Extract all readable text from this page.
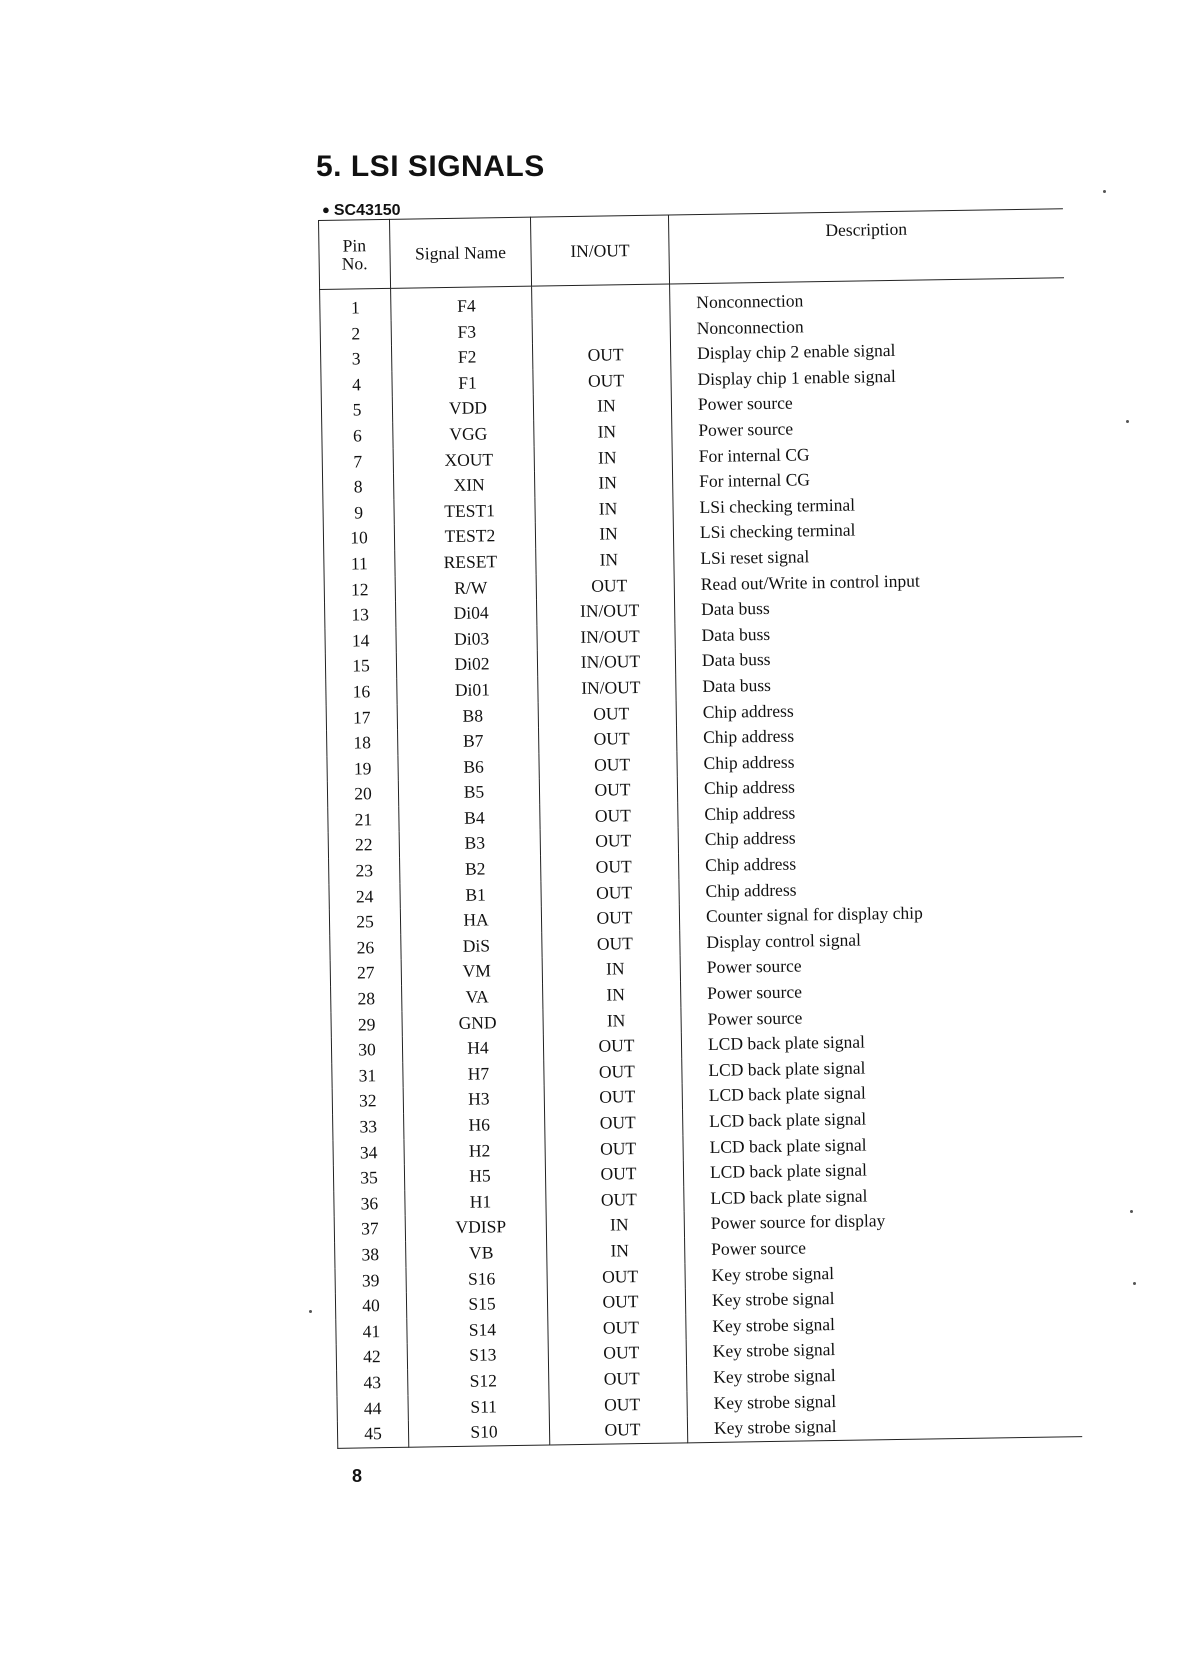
5. LSI SIGNALS
● SC43150
Pin
No.	Signal Name	IN/OUT	Description
1	F4		Nonconnection
2	F3		Nonconnection
3	F2	OUT	Display chip 2 enable signal
4	F1	OUT	Display chip 1 enable signal
5	VDD	IN	Power source
6	VGG	IN	Power source
7	XOUT	IN	For internal CG
8	XIN	IN	For internal CG
9	TEST1	IN	LSi checking terminal
10	TEST2	IN	LSi checking terminal
11	RESET	IN	LSi reset signal
12	R/W	OUT	Read out/Write in control input
13	Di04	IN/OUT	Data buss
14	Di03	IN/OUT	Data buss
15	Di02	IN/OUT	Data buss
16	Di01	IN/OUT	Data buss
17	B8	OUT	Chip address
18	B7	OUT	Chip address
19	B6	OUT	Chip address
20	B5	OUT	Chip address
21	B4	OUT	Chip address
22	B3	OUT	Chip address
23	B2	OUT	Chip address
24	B1	OUT	Chip address
25	HA	OUT	Counter signal for display chip
26	DiS	OUT	Display control signal
27	VM	IN	Power source
28	VA	IN	Power source
29	GND	IN	Power source
30	H4	OUT	LCD back plate signal
31	H7	OUT	LCD back plate signal
32	H3	OUT	LCD back plate signal
33	H6	OUT	LCD back plate signal
34	H2	OUT	LCD back plate signal
35	H5	OUT	LCD back plate signal
36	H1	OUT	LCD back plate signal
37	VDISP	IN	Power source for display
38	VB	IN	Power source
39	S16	OUT	Key strobe signal
40	S15	OUT	Key strobe signal
41	S14	OUT	Key strobe signal
42	S13	OUT	Key strobe signal
43	S12	OUT	Key strobe signal
44	S11	OUT	Key strobe signal
45	S10	OUT	Key strobe signal
8
